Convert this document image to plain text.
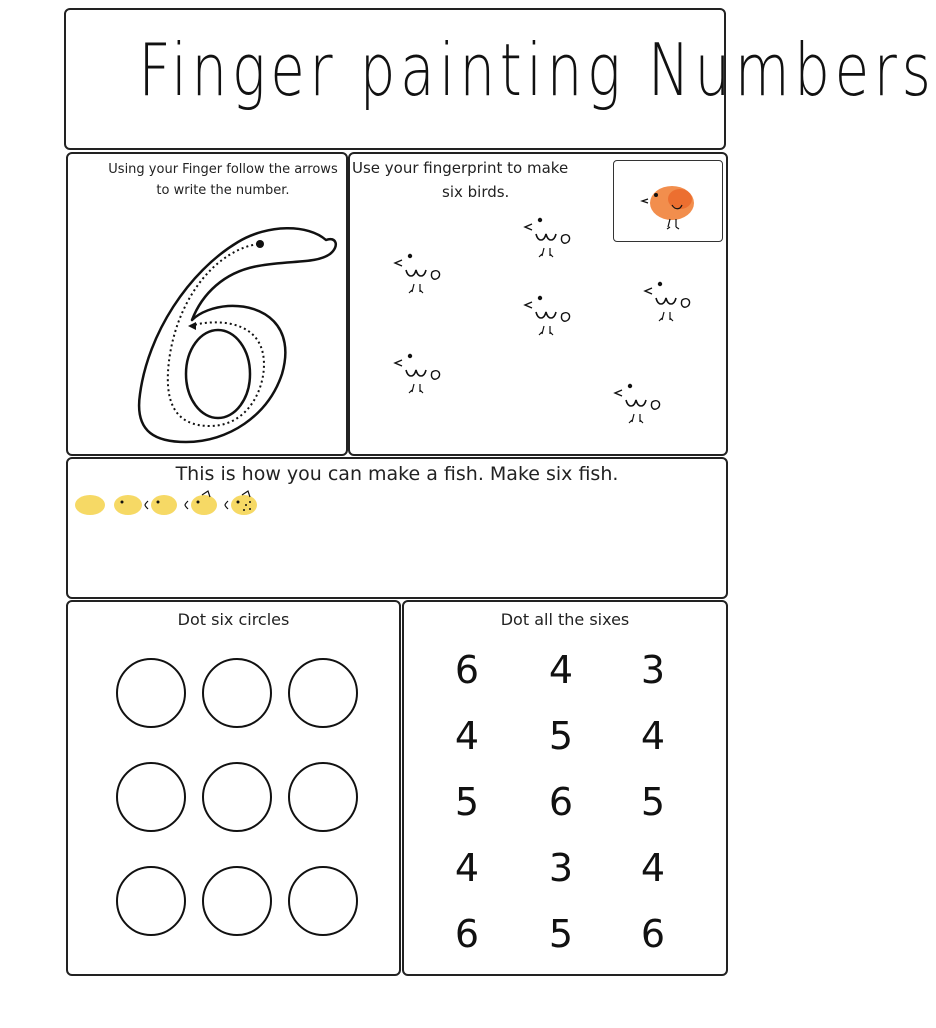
Finger painting Numbers
Using your Finger follow the arrows to write the number.
Use your fingerprint to make
six birds.
This is how you can make a fish. Make six fish.
Dot six circles	Dot all the sixes
6	4	3
4	5	4
5	6	5
4	3	4
6	5	6
